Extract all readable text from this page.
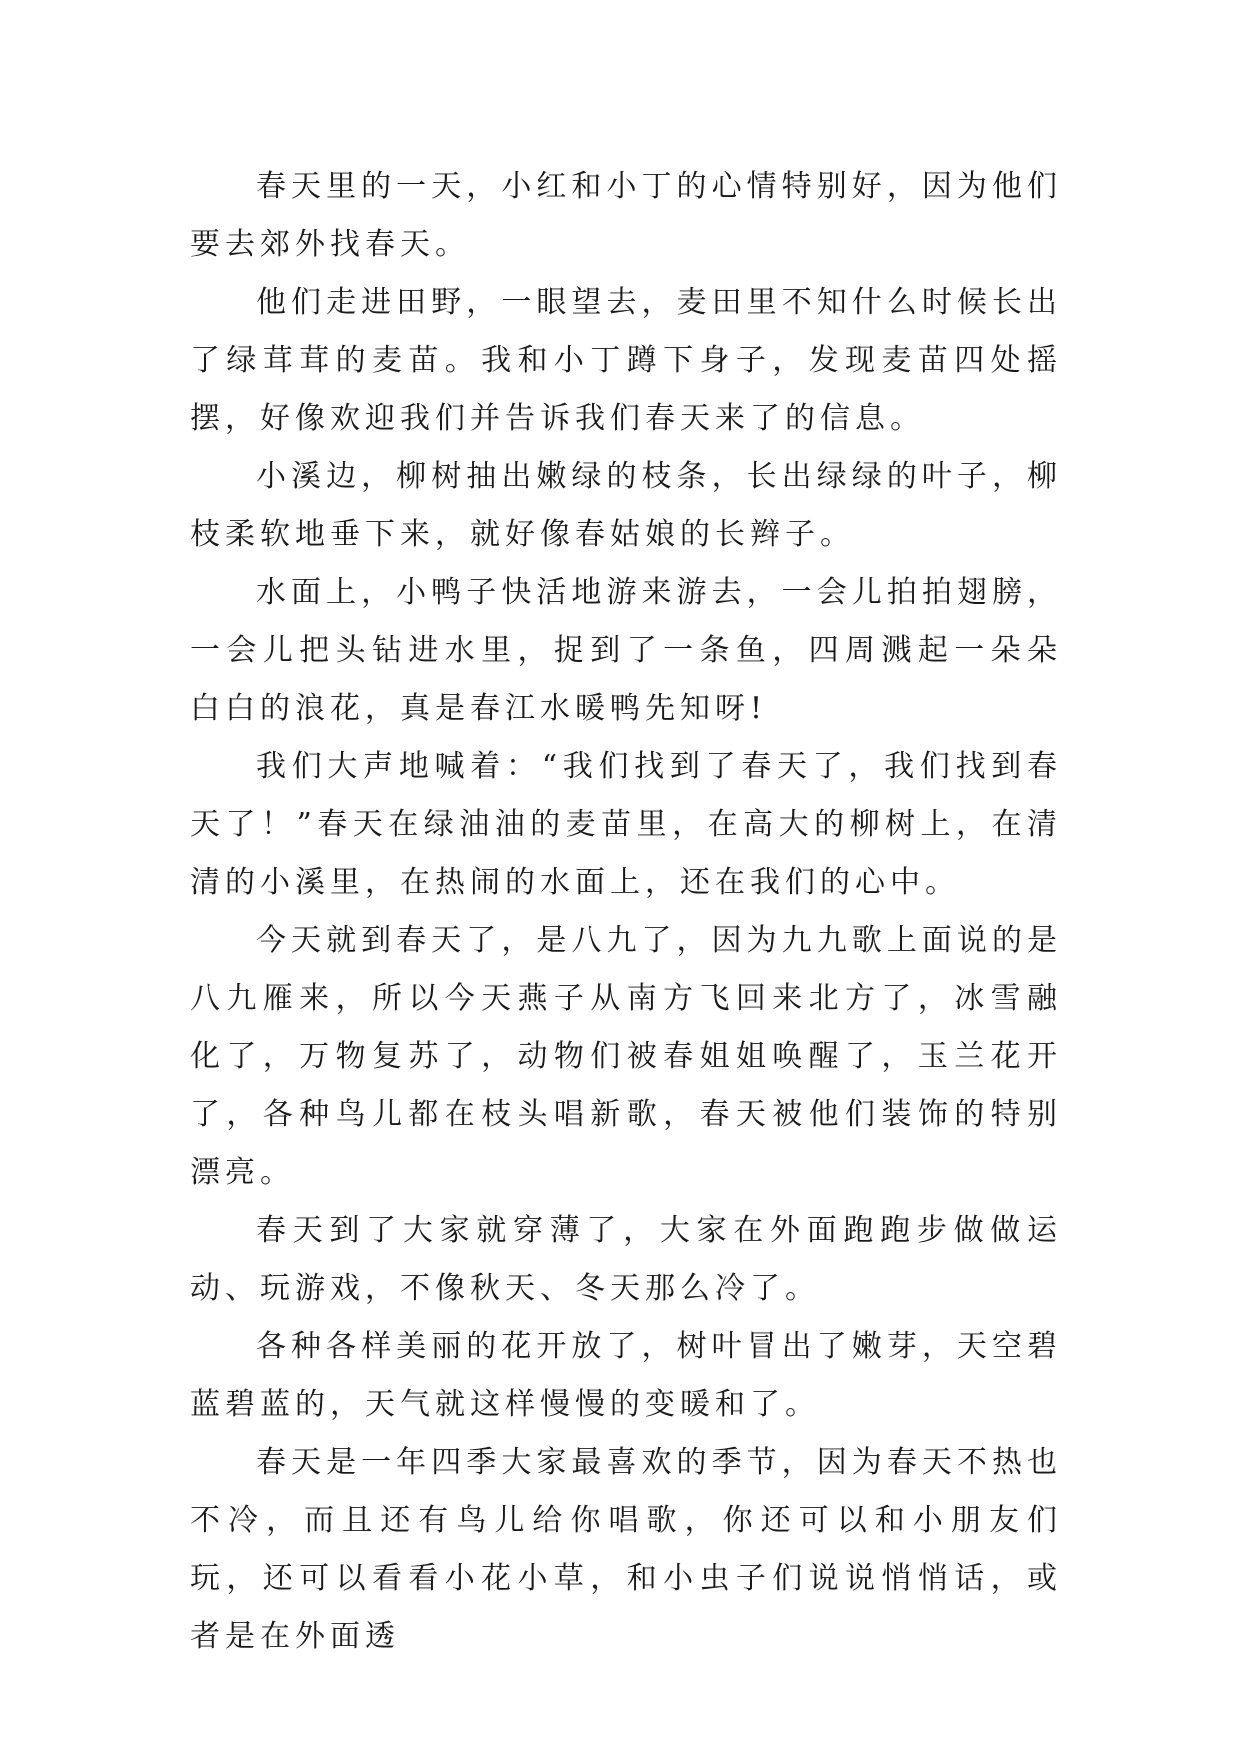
春天里的一天，小红和小丁的心情特别好，因为他们要去郊外找春天。

他们走进田野，一眼望去，麦田里不知什么时候长出了绿茸茸的麦苗。我和小丁蹲下身子，发现麦苗四处摇摆，好像欢迎我们并告诉我们春天来了的信息。

小溪边，柳树抽出嫩绿的枝条，长出绿绿的叶子，柳枝柔软地垂下来，就好像春姑娘的长辫子。

水面上，小鸭子快活地游来游去，一会儿拍拍翅膀，一会儿把头钻进水里，捉到了一条鱼，四周溅起一朵朵白白的浪花，真是春江水暖鸭先知呀!

我们大声地喊着：“我们找到了春天了，我们找到春天了！”春天在绿油油的麦苗里，在高大的柳树上，在清清的小溪里，在热闹的水面上，还在我们的心中。

今天就到春天了，是八九了，因为九九歌上面说的是八九雁来，所以今天燕子从南方飞回来北方了，冰雪融化了，万物复苏了，动物们被春姐姐唤醒了，玉兰花开了，各种鸟儿都在枝头唱新歌，春天被他们装饰的特别漂亮。

春天到了大家就穿薄了，大家在外面跑跑步做做运动、玩游戏，不像秋天、冬天那么冷了。

各种各样美丽的花开放了，树叶冒出了嫩芽，天空碧蓝碧蓝的，天气就这样慢慢的变暖和了。

春天是一年四季大家最喜欢的季节，因为春天不热也不冷，而且还有鸟儿给你唱歌，你还可以和小朋友们玩，还可以看看小花小草，和小虫子们说说悄悄话，或者是在外面透
